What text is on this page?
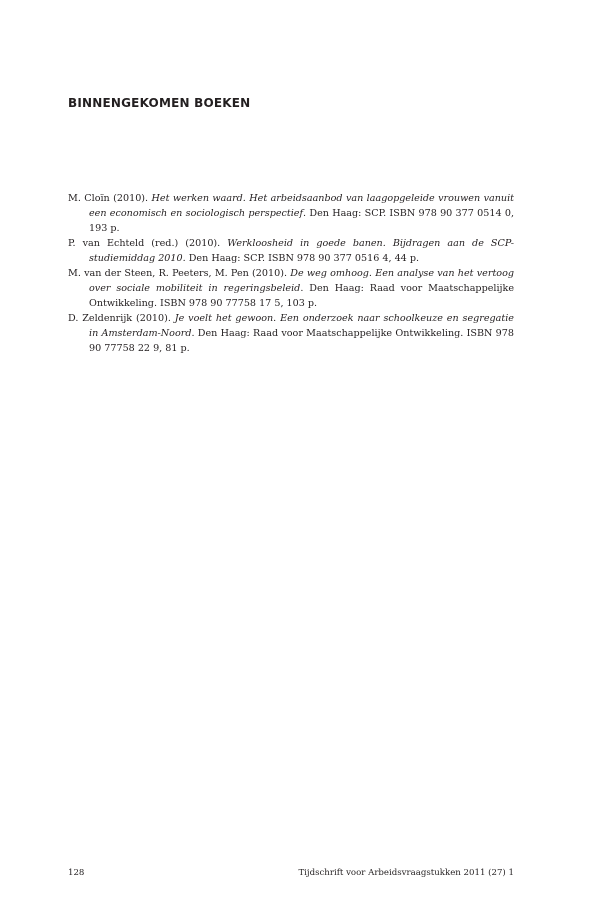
BINNENGEKOMEN BOEKEN
M. Cloïn (2010). Het werken waard. Het arbeidsaanbod van laagopgeleide vrouwen vanuit een economisch en sociologisch perspectief. Den Haag: SCP. ISBN 978 90 377 0514 0, 193 p.
P. van Echteld (red.) (2010). Werkloosheid in goede banen. Bijdragen aan de SCP-studiemiddag 2010. Den Haag: SCP. ISBN 978 90 377 0516 4, 44 p.
M. van der Steen, R. Peeters, M. Pen (2010). De weg omhoog. Een analyse van het vertoog over sociale mobiliteit in regeringsbeleid. Den Haag: Raad voor Maatschappelijke Ontwikkeling. ISBN 978 90 77758 17 5, 103 p.
D. Zeldenrijk (2010). Je voelt het gewoon. Een onderzoek naar schoolkeuze en segregatie in Amsterdam-Noord. Den Haag: Raad voor Maatschappelijke Ontwikkeling. ISBN 978 90 77758 22 9, 81 p.
128	Tijdschrift voor Arbeidsvraagstukken 2011 (27) 1
